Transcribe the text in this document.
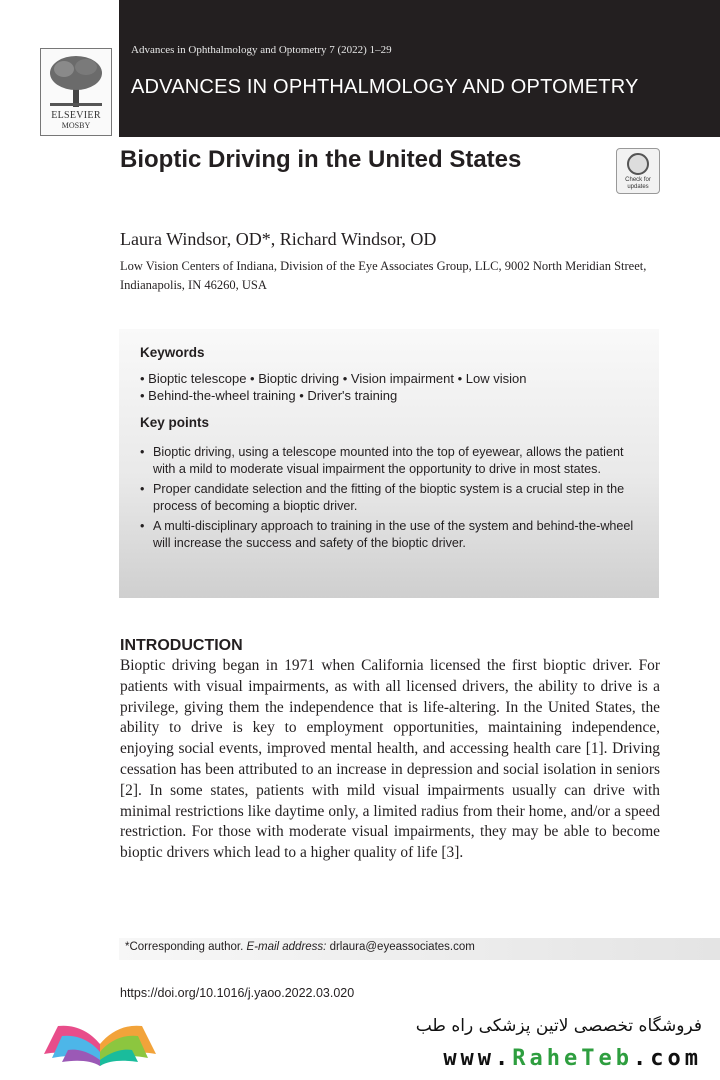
ELSEVIER
MOSBY
Advances in Ophthalmology and Optometry 7 (2022) 1–29
ADVANCES IN OPHTHALMOLOGY AND OPTOMETRY
Bioptic Driving in the United States
Check for updates
Laura Windsor, OD*, Richard Windsor, OD
Low Vision Centers of Indiana, Division of the Eye Associates Group, LLC, 9002 North Meridian Street, Indianapolis, IN 46260, USA
Keywords
• Bioptic telescope • Bioptic driving • Vision impairment • Low vision
• Behind-the-wheel training • Driver's training
Key points
• Bioptic driving, using a telescope mounted into the top of eyewear, allows the patient with a mild to moderate visual impairment the opportunity to drive in most states.
• Proper candidate selection and the fitting of the bioptic system is a crucial step in the process of becoming a bioptic driver.
• A multi-disciplinary approach to training in the use of the system and behind-the-wheel will increase the success and safety of the bioptic driver.
INTRODUCTION

Bioptic driving began in 1971 when California licensed the first bioptic driver. For patients with visual impairments, as with all licensed drivers, the ability to drive is a privilege, giving them the independence that is life-altering. In the United States, the ability to drive is key to employment opportunities, maintaining independence, enjoying social events, improved mental health, and accessing health care [1]. Driving cessation has been attributed to an increase in depression and social isolation in seniors [2]. In some states, patients with mild visual impairments usually can drive with minimal restrictions like daytime only, a limited radius from their home, and/or a speed restriction. For those with moderate visual impairments, they may be able to become bioptic drivers which lead to a higher quality of life [3].

*Corresponding author. E-mail address: drlaura@eyeassociates.com
https://doi.org/10.1016/j.yaoo.2022.03.020
فروشگاه تخصصی لاتین پزشکی راه طب
www.RaheTeb.com
